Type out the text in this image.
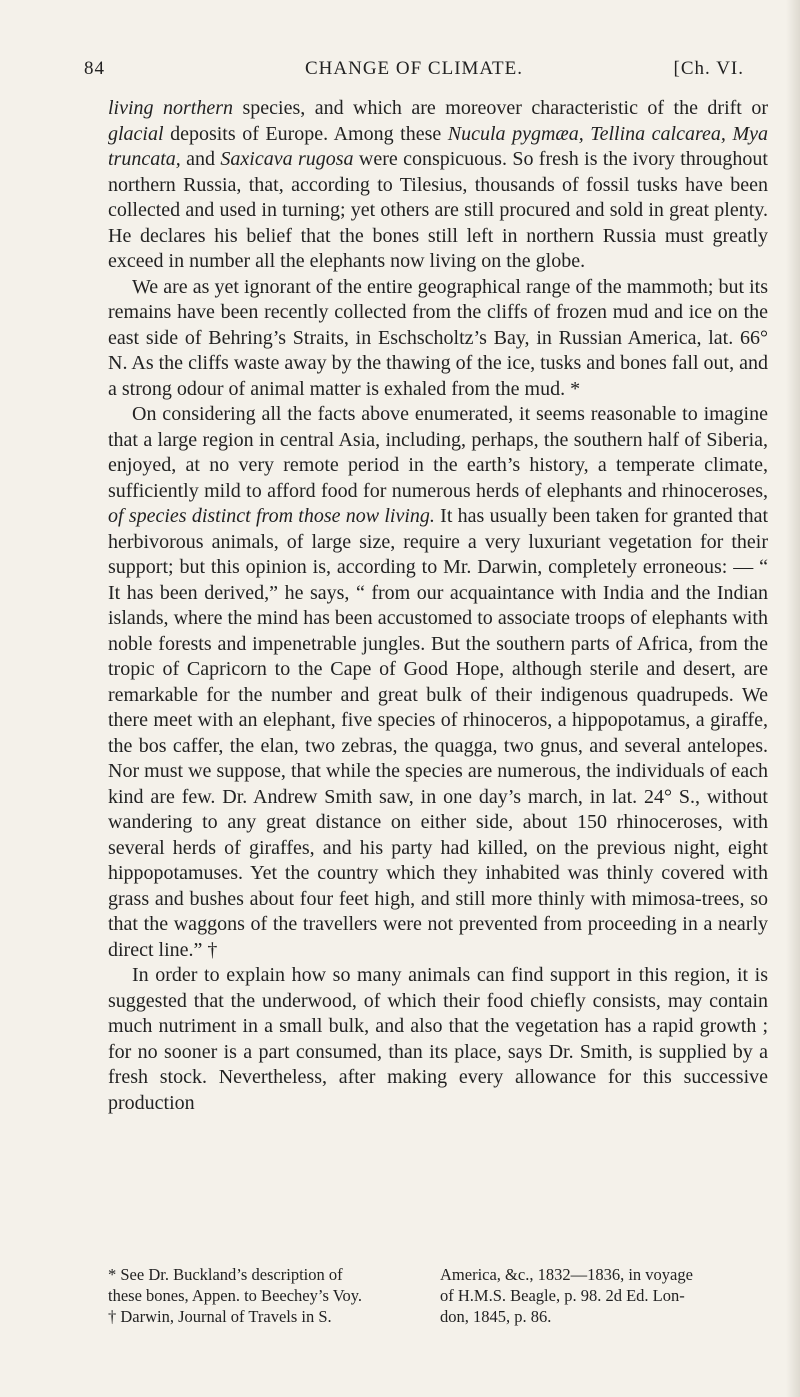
84	CHANGE OF CLIMATE.	[Ch. VI.

living northern species, and which are moreover characteristic of the drift or glacial deposits of Europe. Among these Nucula pygmæa, Tellina calcarea, Mya truncata, and Saxicava rugosa were conspicuous. So fresh is the ivory throughout northern Russia, that, according to Tilesius, thousands of fossil tusks have been collected and used in turning; yet others are still procured and sold in great plenty. He declares his belief that the bones still left in northern Russia must greatly exceed in number all the elephants now living on the globe.

We are as yet ignorant of the entire geographical range of the mammoth; but its remains have been recently collected from the cliffs of frozen mud and ice on the east side of Behring’s Straits, in Eschscholtz’s Bay, in Russian America, lat. 66° N. As the cliffs waste away by the thawing of the ice, tusks and bones fall out, and a strong odour of animal matter is exhaled from the mud. *

On considering all the facts above enumerated, it seems reasonable to imagine that a large region in central Asia, including, perhaps, the southern half of Siberia, enjoyed, at no very remote period in the earth’s history, a temperate climate, sufficiently mild to afford food for numerous herds of elephants and rhinoceroses, of species distinct from those now living. It has usually been taken for granted that herbivorous animals, of large size, require a very luxuriant vegetation for their support; but this opinion is, according to Mr. Darwin, completely erroneous: — “ It has been derived,” he says, “ from our acquaintance with India and the Indian islands, where the mind has been accustomed to associate troops of elephants with noble forests and impenetrable jungles. But the southern parts of Africa, from the tropic of Capricorn to the Cape of Good Hope, although sterile and desert, are remarkable for the number and great bulk of their indigenous quadrupeds. We there meet with an elephant, five species of rhinoceros, a hippopotamus, a giraffe, the bos caffer, the elan, two zebras, the quagga, two gnus, and several antelopes. Nor must we suppose, that while the species are numerous, the individuals of each kind are few. Dr. Andrew Smith saw, in one day’s march, in lat. 24° S., without wandering to any great distance on either side, about 150 rhinoceroses, with several herds of giraffes, and his party had killed, on the previous night, eight hippopotamuses. Yet the country which they inhabited was thinly covered with grass and bushes about four feet high, and still more thinly with mimosa-trees, so that the waggons of the travellers were not prevented from proceeding in a nearly direct line.” †

In order to explain how so many animals can find support in this region, it is suggested that the underwood, of which their food chiefly consists, may contain much nutriment in a small bulk, and also that the vegetation has a rapid growth ; for no sooner is a part consumed, than its place, says Dr. Smith, is supplied by a fresh stock. Nevertheless, after making every allowance for this successive production

* See Dr. Buckland’s description of

these bones, Appen. to Beechey’s Voy.

† Darwin, Journal of Travels in S.

America, &c., 1832—1836, in voyage

of H.M.S. Beagle, p. 98. 2d Ed. Lon-

don, 1845, p. 86.
